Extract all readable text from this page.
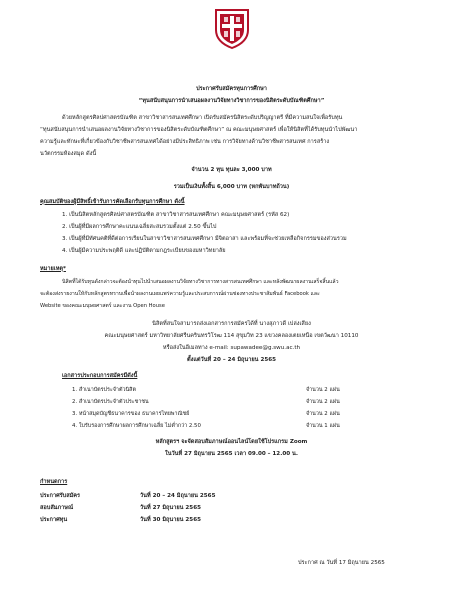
ประกาศรับสมัครทุนการศึกษา
“ทุนสนับสนุนการนำเสนอผลงานวิจัยทางวิชาการของนิสิตระดับบัณฑิตศึกษา”
ด้วยหลักสูตรศิลปศาสตรบัณฑิต สาขาวิชาสารสนเทศศึกษา เปิดรับสมัครนิสิตระดับปริญญาตรี ที่มีความสนใจเพื่อรับทุน
“ทุนสนับสนุนการนำเสนอผลงานวิจัยทางวิชาการของนิสิตระดับบัณฑิตศึกษา” ณ คณะมนุษยศาสตร์ เพื่อให้นิสิตที่ได้รับทุนนำไปพัฒนา
ความรู้และทักษะที่เกี่ยวข้องกับวิชาชีพสารสนเทศได้อย่างมีประสิทธิภาพ เช่น การวิจัยทางด้านวิชาชีพสารสนเทศ การสร้าง
นวัตกรรมห้องสมุด ดังนี้
จำนวน 2 ทุน ทุนละ 3,000 บาท
รวมเป็นเงินทั้งสิ้น 6,000 บาท (หกพันบาทถ้วน)
คุณสมบัติของผู้มีสิทธิ์เข้ารับการคัดเลือกรับทุนการศึกษา ดังนี้
1. เป็นนิสิตหลักสูตรศิลปศาสตรบัณฑิต สาขาวิชาสารสนเทศศึกษา คณะมนุษยศาสตร์ (รหัส 62)
2. เป็นผู้ที่มีผลการศึกษาคะแนนเฉลี่ยสะสมรวมตั้งแต่ 2.50 ขึ้นไป
3. เป็นผู้ที่มีทัศนคติที่ดีต่อการเรียนในสาขาวิชาสารสนเทศศึกษา มีจิตอาสา และพร้อมที่จะช่วยเหลือกิจกรรมของส่วนรวม
4. เป็นผู้มีความประพฤติดี และปฏิบัติตามกฎระเบียบของมหาวิทยาลัย
หมายเหตุ*
นิสิตที่ได้รับทุนดังกล่าวจะต้องนำทุนไปนำเสนอผลงานวิจัยทางวิชาการทางสารสนเทศศึกษา และหลังพัฒนาผลงานเสร็จสิ้นแล้ว
จะต้องส่งรายงานให้กับหลักสูตรทราบเพื่อนำผลงานเผยแพร่ความรู้และประสบการณ์ผ่านช่องทางประชาสัมพันธ์ Facebook และ
Website ของคณะมนุษยศาสตร์ และงาน Open House
นิสิตที่สนใจสามารถส่งเอกสารการสมัครได้ที่ นางสุภาวดี เปล่งเสียง
คณะมนุษยศาสตร์ มหาวิทยาลัยศรีนครินทรวิโรฒ 114 สุขุมวิท 23 แขวงคลองเตยเหนือ เขตวัฒนา 10110
หรือส่งในอีเมลทาง e-mail: supawadee@g.swu.ac.th
ตั้งแต่วันที่ 20 – 24 มิถุนายน 2565
เอกสารประกอบการสมัครมีดังนี้
1. สำเนาบัตรประจำตัวนิสิต	จำนวน 2 แผ่น
2. สำเนาบัตรประจำตัวประชาชน	จำนวน 2 แผ่น
3. หน้าสมุดบัญชีธนาคารของ ธนาคารไทยพาณิชย์	จำนวน 2 แผ่น
4. ใบรับรองการศึกษาผลการศึกษาเฉลี่ย ไม่ต่ำกว่า 2.50	จำนวน 1 แผ่น
หลักสูตรฯ จะจัดสอบสัมภาษณ์ออนไลน์โดยใช้โปรแกรม Zoom
ในวันที่ 27 มิถุนายน 2565 เวลา 09.00 – 12.00 น.
กำหนดการ
ประกาศรับสมัคร	วันที่ 20 – 24 มิถุนายน 2565
สอบสัมภาษณ์	วันที่ 27 มิถุนายน 2565
ประกาศทุน	วันที่ 30 มิถุนายน 2565
ประกาศ ณ วันที่ 17 มิถุนายน 2565
